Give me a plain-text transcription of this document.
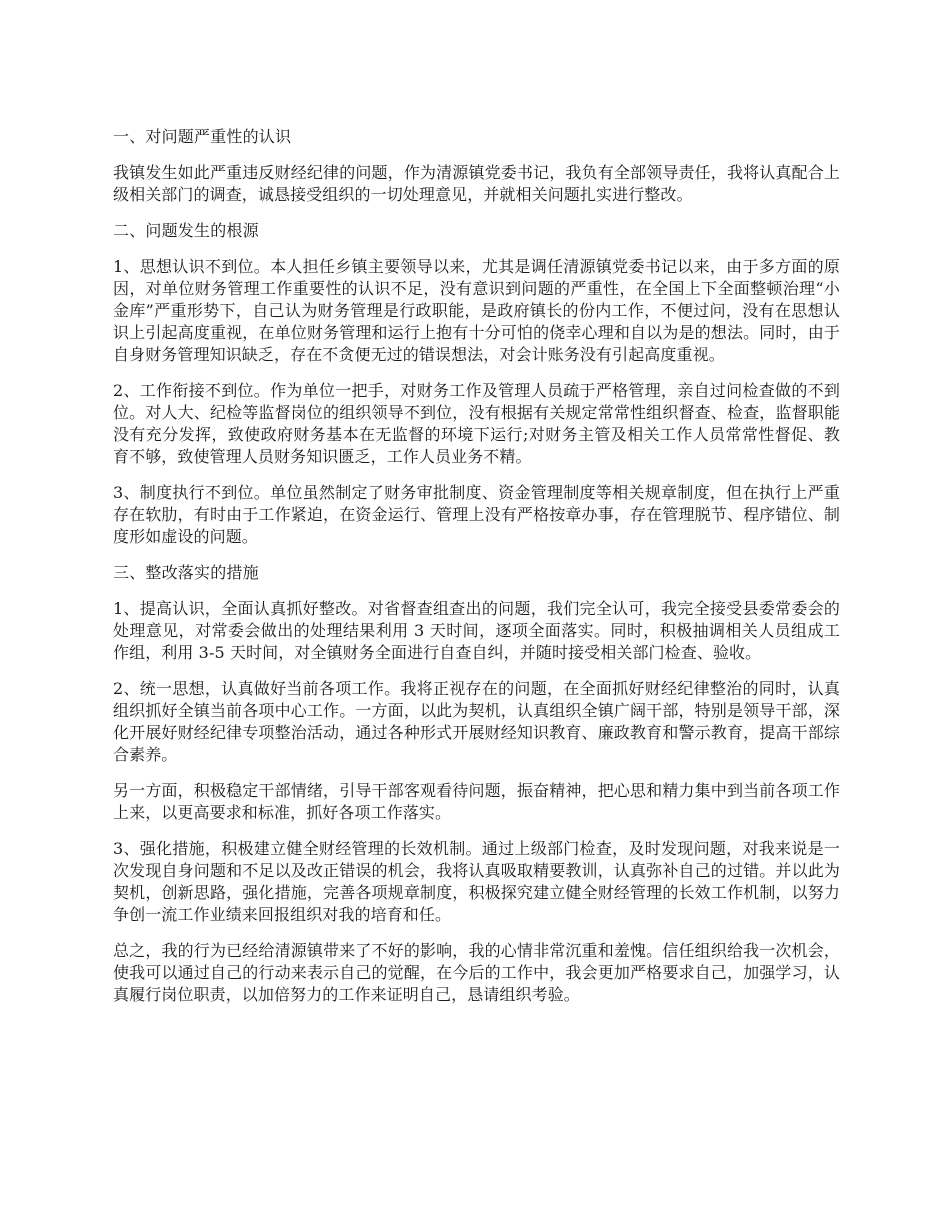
一、对问题严重性的认识
我镇发生如此严重违反财经纪律的问题，作为清源镇党委书记，我负有全部领导责任，我将认真配合上级相关部门的调查，诚恳接受组织的一切处理意见，并就相关问题扎实进行整改。
二、问题发生的根源
1、思想认识不到位。本人担任乡镇主要领导以来，尤其是调任清源镇党委书记以来，由于多方面的原因，对单位财务管理工作重要性的认识不足，没有意识到问题的严重性，在全国上下全面整顿治理“小金库”严重形势下，自己认为财务管理是行政职能，是政府镇长的份内工作，不便过问，没有在思想认识上引起高度重视，在单位财务管理和运行上抱有十分可怕的侥幸心理和自以为是的想法。同时，由于自身财务管理知识缺乏，存在不贪便无过的错误想法，对会计账务没有引起高度重视。
2、工作衔接不到位。作为单位一把手，对财务工作及管理人员疏于严格管理，亲自过问检查做的不到位。对人大、纪检等监督岗位的组织领导不到位，没有根据有关规定常常性组织督查、检查，监督职能没有充分发挥，致使政府财务基本在无监督的环境下运行;对财务主管及相关工作人员常常性督促、教育不够，致使管理人员财务知识匮乏，工作人员业务不精。
3、制度执行不到位。单位虽然制定了财务审批制度、资金管理制度等相关规章制度，但在执行上严重存在软肋，有时由于工作紧迫，在资金运行、管理上没有严格按章办事，存在管理脱节、程序错位、制度形如虚设的问题。
三、整改落实的措施
1、提高认识，全面认真抓好整改。对省督查组查出的问题，我们完全认可，我完全接受县委常委会的处理意见，对常委会做出的处理结果利用 3 天时间，逐项全面落实。同时，积极抽调相关人员组成工作组，利用 3-5 天时间，对全镇财务全面进行自查自纠，并随时接受相关部门检查、验收。
2、统一思想，认真做好当前各项工作。我将正视存在的问题，在全面抓好财经纪律整治的同时，认真组织抓好全镇当前各项中心工作。一方面，以此为契机，认真组织全镇广阔干部，特别是领导干部，深化开展好财经纪律专项整治活动，通过各种形式开展财经知识教育、廉政教育和警示教育，提高干部综合素养。
另一方面，积极稳定干部情绪，引导干部客观看待问题，振奋精神，把心思和精力集中到当前各项工作上来，以更高要求和标准，抓好各项工作落实。
3、强化措施，积极建立健全财经管理的长效机制。通过上级部门检查，及时发现问题，对我来说是一次发现自身问题和不足以及改正错误的机会，我将认真吸取精要教训，认真弥补自己的过错。并以此为契机，创新思路，强化措施，完善各项规章制度，积极探究建立健全财经管理的长效工作机制，以努力争创一流工作业绩来回报组织对我的培育和任。
总之，我的行为已经给清源镇带来了不好的影响，我的心情非常沉重和羞愧。信任组织给我一次机会，使我可以通过自己的行动来表示自己的觉醒，在今后的工作中，我会更加严格要求自己，加强学习，认真履行岗位职责，以加倍努力的工作来证明自己，恳请组织考验。
